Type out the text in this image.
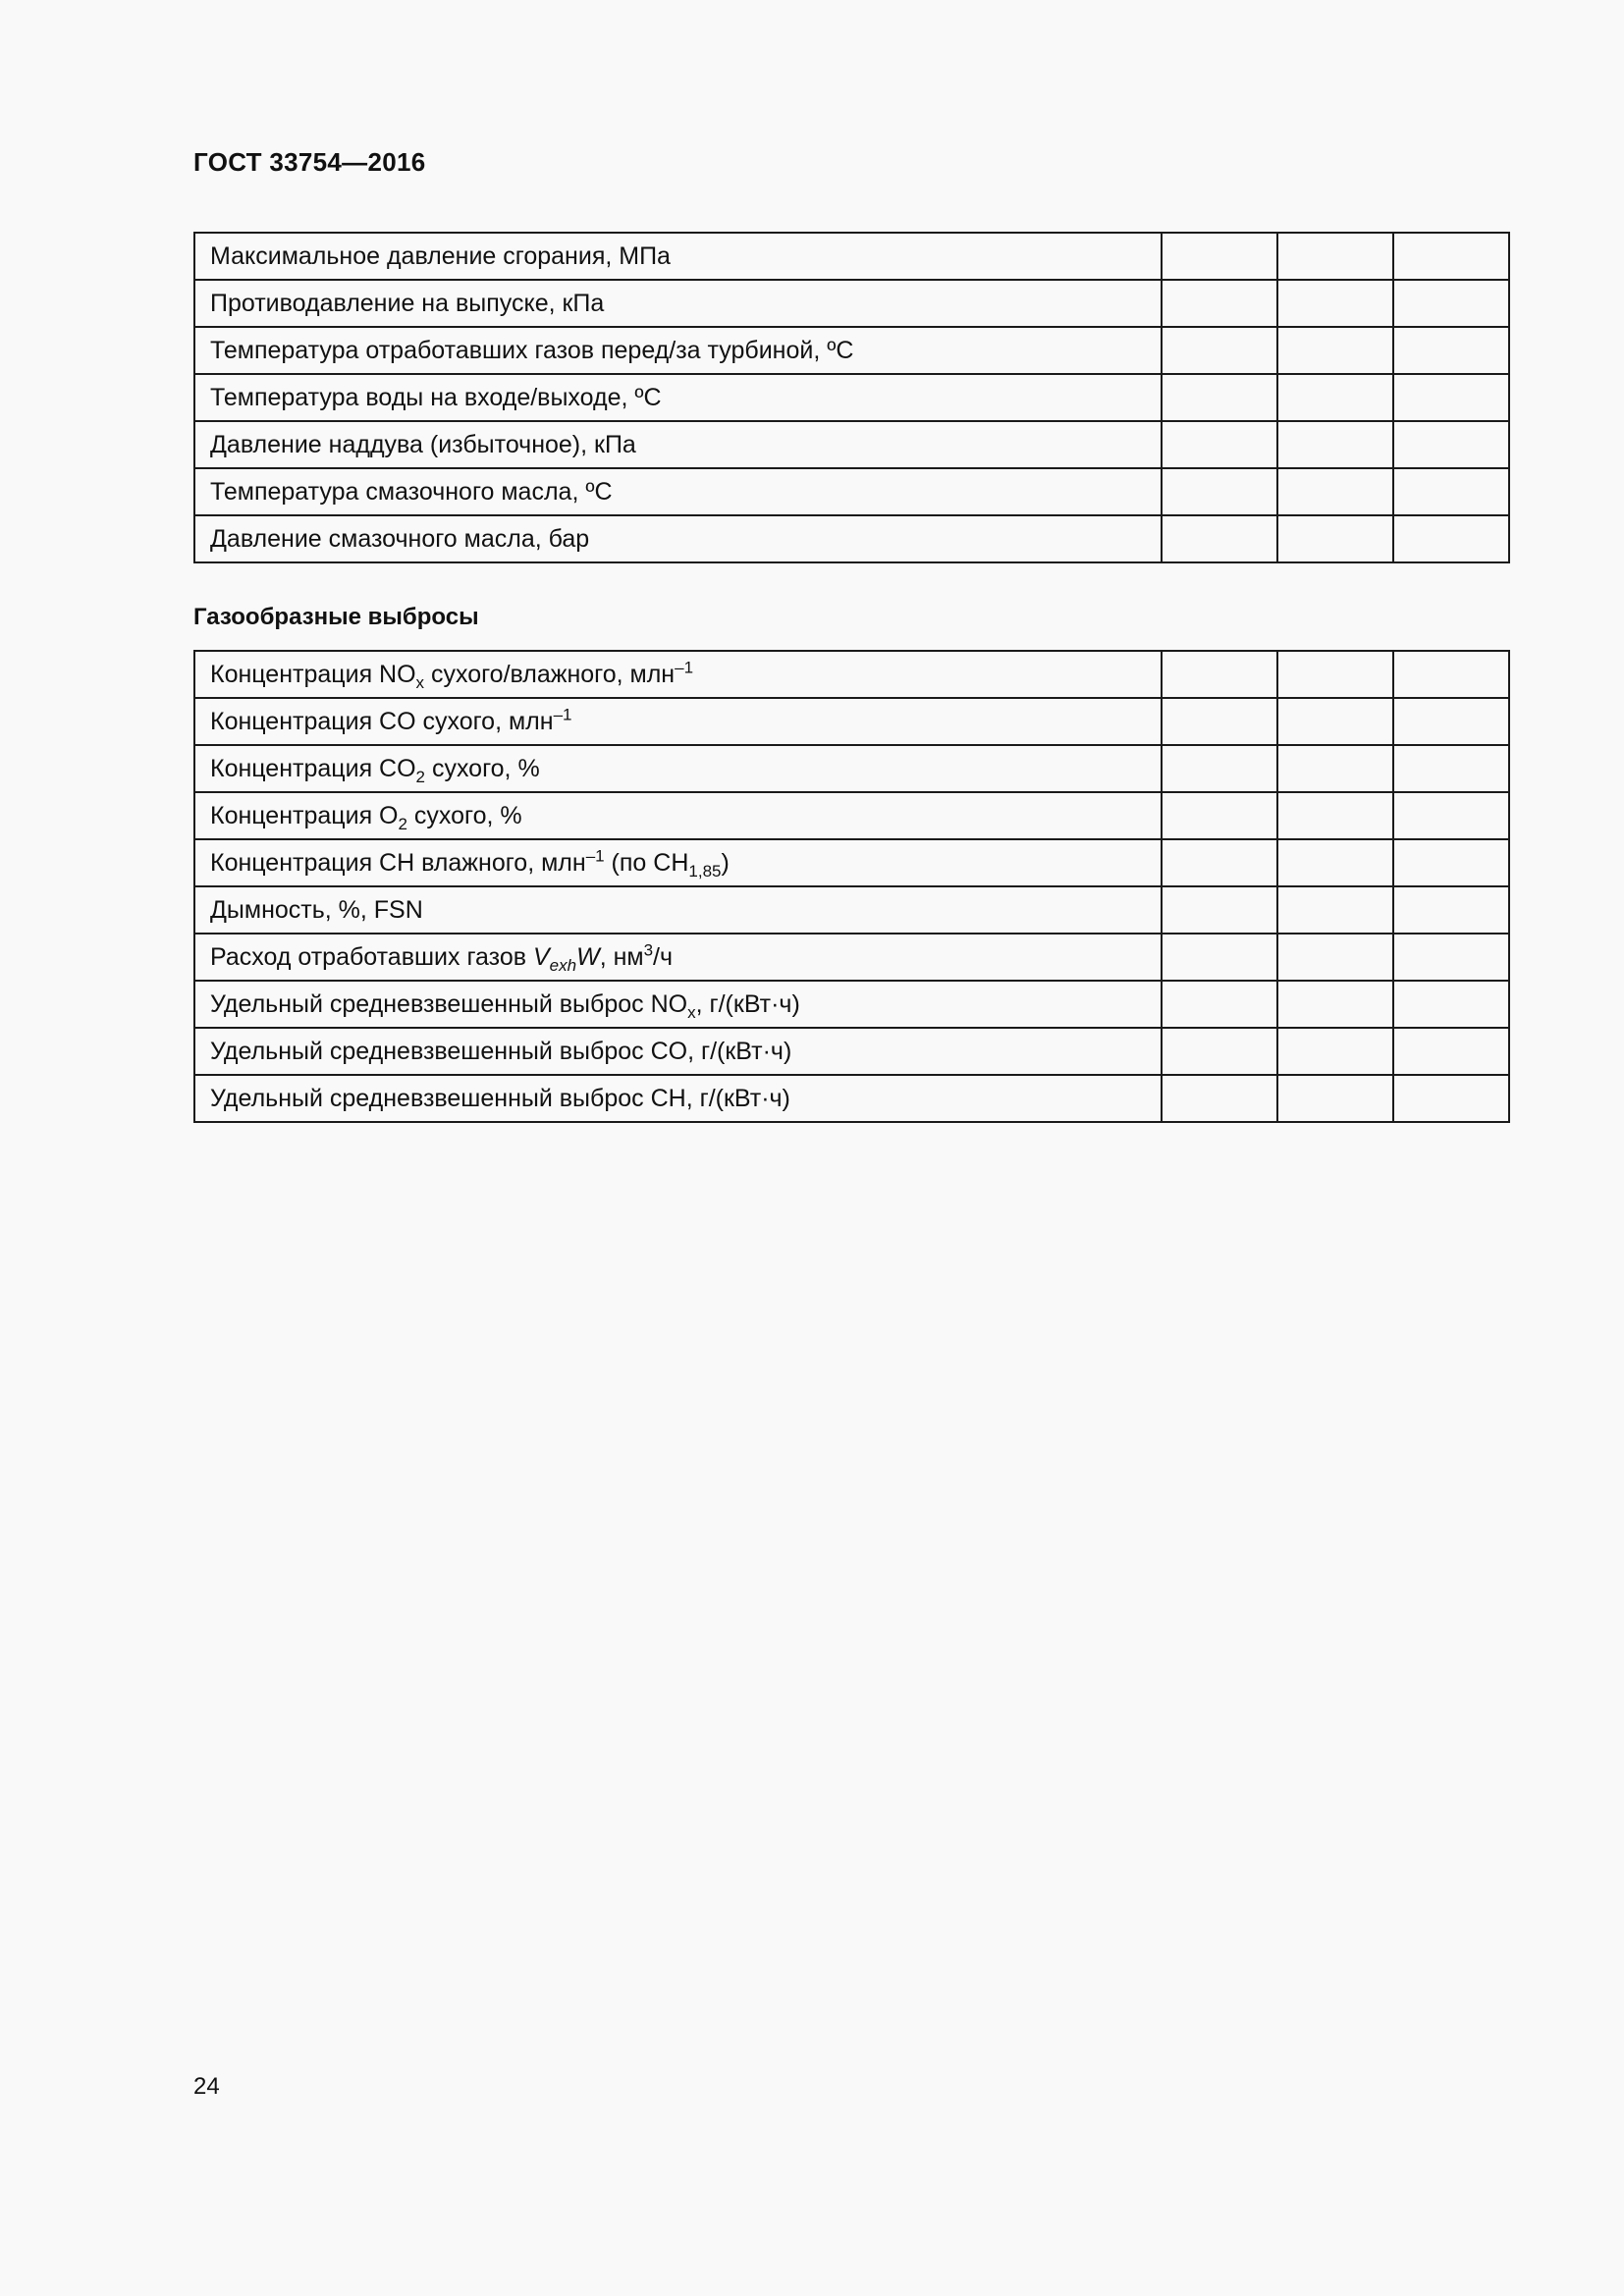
ГОСТ 33754—2016
Максимальное давление сгорания, МПа			
Противодавление на выпуске, кПа			
Температура отработавших газов перед/за турбиной, ºС			
Температура воды на входе/выходе, ºС			
Давление наддува (избыточное), кПа			
Температура смазочного масла, ºС			
Давление смазочного масла, бар			
Газообразные выбросы
Концентрация $NO_x$ сухого/влажного, млн$^{-1}$			
Концентрация CO сухого, млн$^{-1}$			
Концентрация $CO_2$ сухого, %			
Концентрация $O_2$ сухого, %			
Концентрация CH влажного, млн$^{-1}$ (по $CH_{1,85}$)			
Дымность, %, FSN			
Расход отработавших газов $V_{exh}W$, $нм^3/ч$			
Удельный средневзвешенный выброс $NO_x$, г/(кВт·ч)			
Удельный средневзвешенный выброс CO, г/(кВт·ч)			
Удельный средневзвешенный выброс CH, г/(кВт·ч)			
24
